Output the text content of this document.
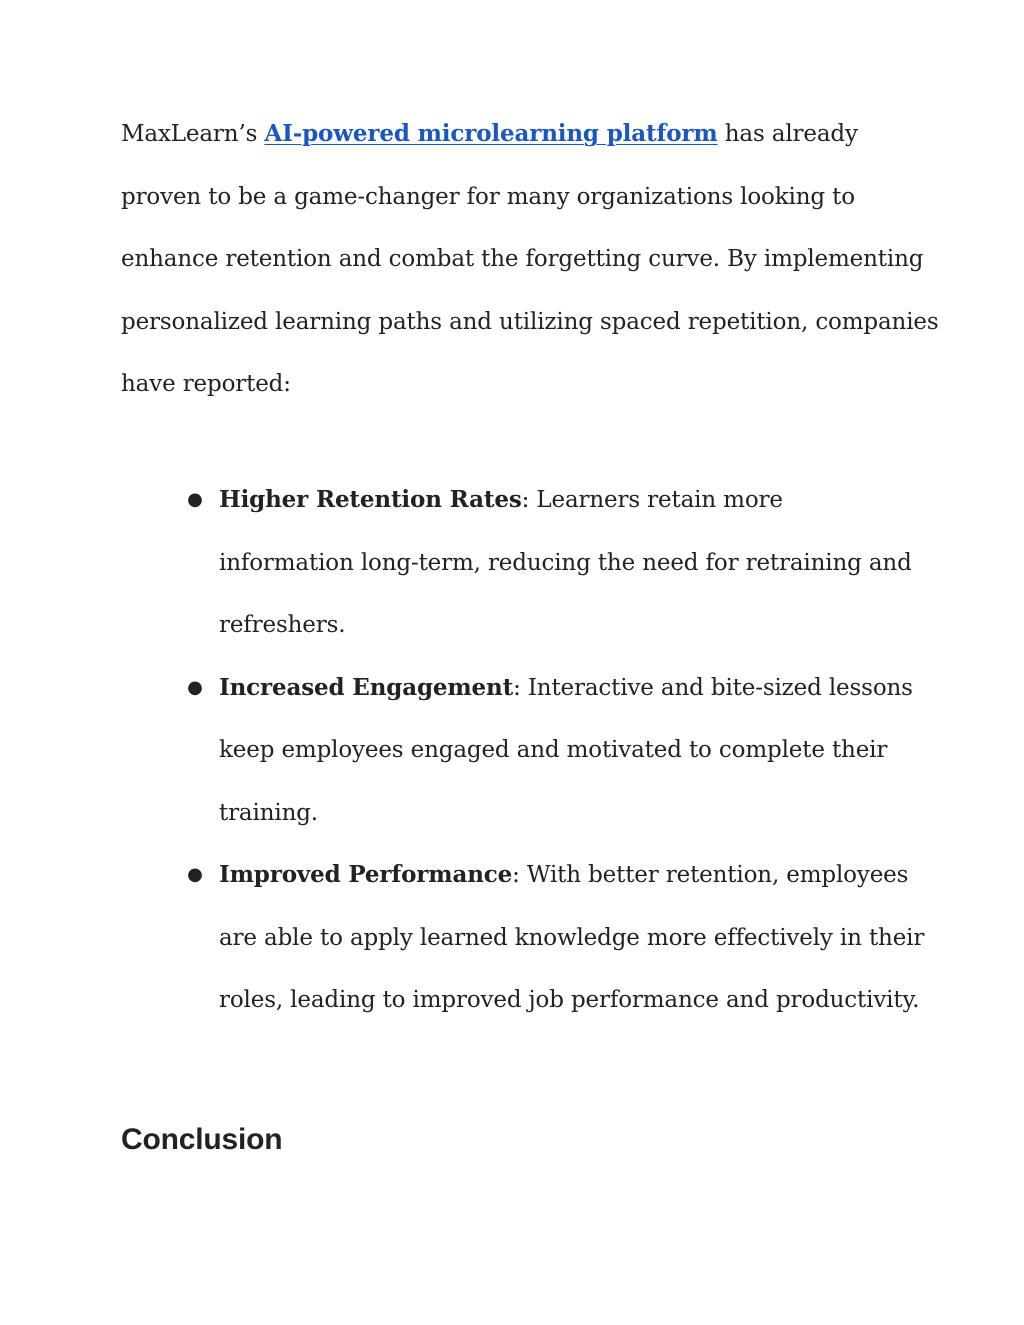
MaxLearn’s AI-powered microlearning platform has already
proven to be a game-changer for many organizations looking to
enhance retention and combat the forgetting curve. By implementing
personalized learning paths and utilizing spaced repetition, companies
have reported:
● Higher Retention Rates: Learners retain more
information long-term, reducing the need for retraining and
refreshers.
● Increased Engagement: Interactive and bite-sized lessons
keep employees engaged and motivated to complete their
training.
● Improved Performance: With better retention, employees
are able to apply learned knowledge more effectively in their
roles, leading to improved job performance and productivity.
Conclusion
